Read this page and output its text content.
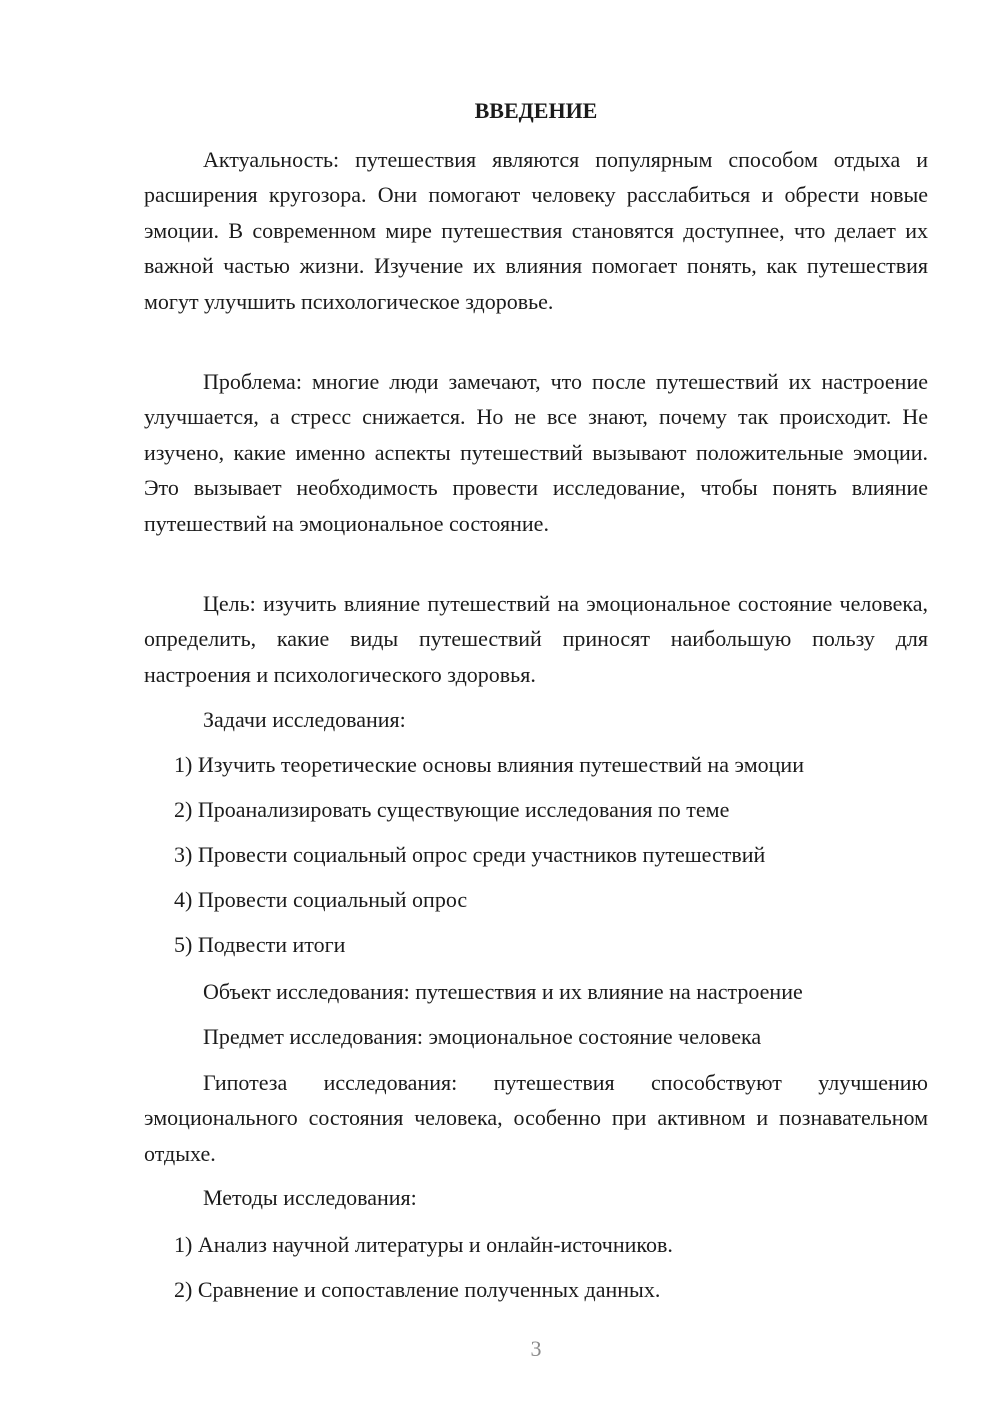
ВВЕДЕНИЕ

Актуальность: путешествия являются популярным способом отдыха и расширения кругозора. Они помогают человеку расслабиться и обрести новые эмоции. В современном мире путешествия становятся доступнее, что делает их важной частью жизни. Изучение их влияния помогает понять, как путешествия могут улучшить психологическое здоровье.

Проблема: многие люди замечают, что после путешествий их настроение улучшается, а стресс снижается. Но не все знают, почему так происходит. Не изучено, какие именно аспекты путешествий вызывают положительные эмоции. Это вызывает необходимость провести исследование, чтобы понять влияние путешествий на эмоциональное состояние.

Цель: изучить влияние путешествий на эмоциональное состояние человека, определить, какие виды путешествий приносят наибольшую пользу для настроения и психологического здоровья.

Задачи исследования:
1) Изучить теоретические основы влияния путешествий на эмоции
2) Проанализировать существующие исследования по теме
3) Провести социальный опрос среди участников путешествий
4) Провести социальный опрос
5) Подвести итоги
Объект исследования: путешествия и их влияние на настроение
Предмет исследования: эмоциональное состояние человека

Гипотеза исследования: путешествия способствуют улучшению эмоционального состояния человека, особенно при активном и познавательном отдыхе.

Методы исследования:
1) Анализ научной литературы и онлайн-источников.
2) Сравнение и сопоставление полученных данных.
3
